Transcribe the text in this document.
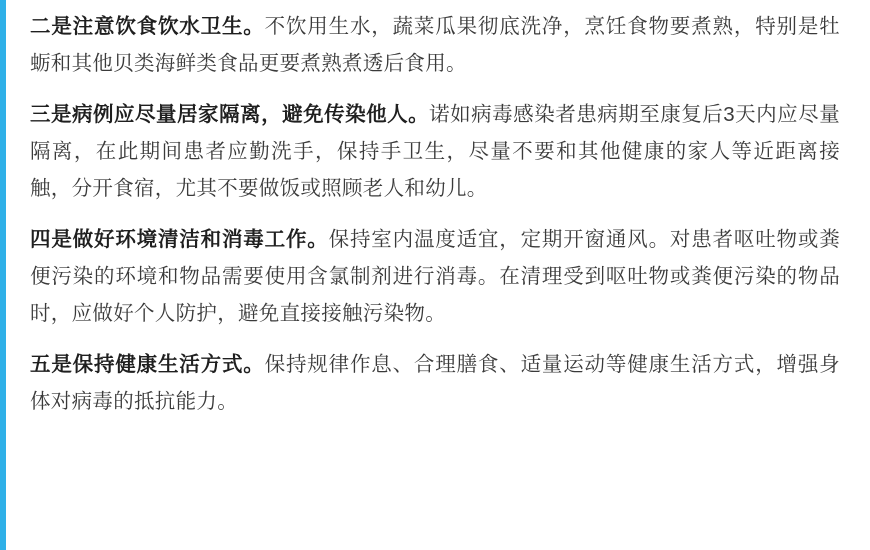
二是注意饮食饮水卫生。不饮用生水，蔬菜瓜果彻底洗净，烹饪食物要煮熟，特别是牡蛎和其他贝类海鲜类食品更要煮熟煮透后食用。

三是病例应尽量居家隔离，避免传染他人。诺如病毒感染者患病期至康复后3天内应尽量隔离，在此期间患者应勤洗手，保持手卫生，尽量不要和其他健康的家人等近距离接触，分开食宿，尤其不要做饭或照顾老人和幼儿。

四是做好环境清洁和消毒工作。保持室内温度适宜，定期开窗通风。对患者呕吐物或粪便污染的环境和物品需要使用含氯制剂进行消毒。在清理受到呕吐物或粪便污染的物品时，应做好个人防护，避免直接接触污染物。

五是保持健康生活方式。保持规律作息、合理膳食、适量运动等健康生活方式，增强身体对病毒的抵抗能力。
